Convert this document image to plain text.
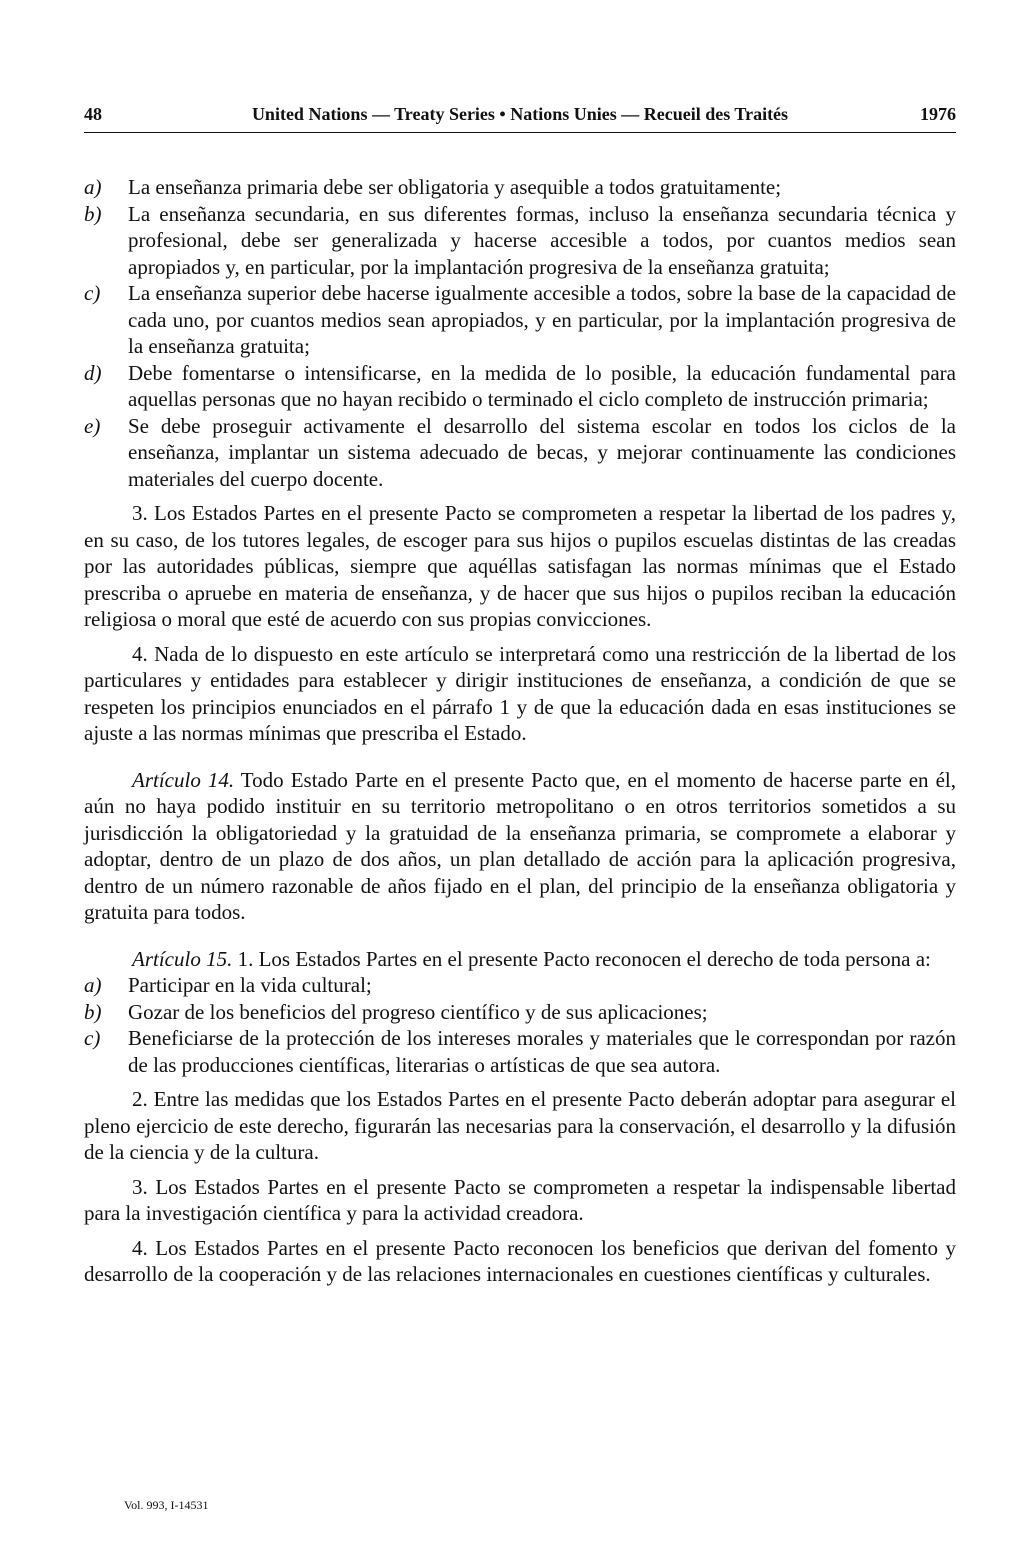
48	United Nations — Treaty Series • Nations Unies — Recueil des Traités	1976
a) La enseñanza primaria debe ser obligatoria y asequible a todos gratuitamente;
b) La enseñanza secundaria, en sus diferentes formas, incluso la enseñanza secundaria técnica y profesional, debe ser generalizada y hacerse accesible a todos, por cuantos medios sean apropiados y, en particular, por la implantación progresiva de la enseñanza gratuita;
c) La enseñanza superior debe hacerse igualmente accesible a todos, sobre la base de la capacidad de cada uno, por cuantos medios sean apropiados, y en particular, por la implantación progresiva de la enseñanza gratuita;
d) Debe fomentarse o intensificarse, en la medida de lo posible, la educación fundamental para aquellas personas que no hayan recibido o terminado el ciclo completo de instrucción primaria;
e) Se debe proseguir activamente el desarrollo del sistema escolar en todos los ciclos de la enseñanza, implantar un sistema adecuado de becas, y mejorar continuamente las condiciones materiales del cuerpo docente.
3. Los Estados Partes en el presente Pacto se comprometen a respetar la libertad de los padres y, en su caso, de los tutores legales, de escoger para sus hijos o pupilos escuelas distintas de las creadas por las autoridades públicas, siempre que aquéllas satisfagan las normas mínimas que el Estado prescriba o apruebe en materia de enseñanza, y de hacer que sus hijos o pupilos reciban la educación religiosa o moral que esté de acuerdo con sus propias convicciones.
4. Nada de lo dispuesto en este artículo se interpretará como una restricción de la libertad de los particulares y entidades para establecer y dirigir instituciones de enseñanza, a condición de que se respeten los principios enunciados en el párrafo 1 y de que la educación dada en esas instituciones se ajuste a las normas mínimas que prescriba el Estado.
Artículo 14. Todo Estado Parte en el presente Pacto que, en el momento de hacerse parte en él, aún no haya podido instituir en su territorio metropolitano o en otros territorios sometidos a su jurisdicción la obligatoriedad y la gratuidad de la enseñanza primaria, se compromete a elaborar y adoptar, dentro de un plazo de dos años, un plan detallado de acción para la aplicación progresiva, dentro de un número razonable de años fijado en el plan, del principio de la enseñanza obligatoria y gratuita para todos.
Artículo 15. 1. Los Estados Partes en el presente Pacto reconocen el derecho de toda persona a:
a) Participar en la vida cultural;
b) Gozar de los beneficios del progreso científico y de sus aplicaciones;
c) Beneficiarse de la protección de los intereses morales y materiales que le correspondan por razón de las producciones científicas, literarias o artísticas de que sea autora.
2. Entre las medidas que los Estados Partes en el presente Pacto deberán adoptar para asegurar el pleno ejercicio de este derecho, figurarán las necesarias para la conservación, el desarrollo y la difusión de la ciencia y de la cultura.
3. Los Estados Partes en el presente Pacto se comprometen a respetar la indispensable libertad para la investigación científica y para la actividad creadora.
4. Los Estados Partes en el presente Pacto reconocen los beneficios que derivan del fomento y desarrollo de la cooperación y de las relaciones internacionales en cuestiones científicas y culturales.
Vol. 993, I-14531
